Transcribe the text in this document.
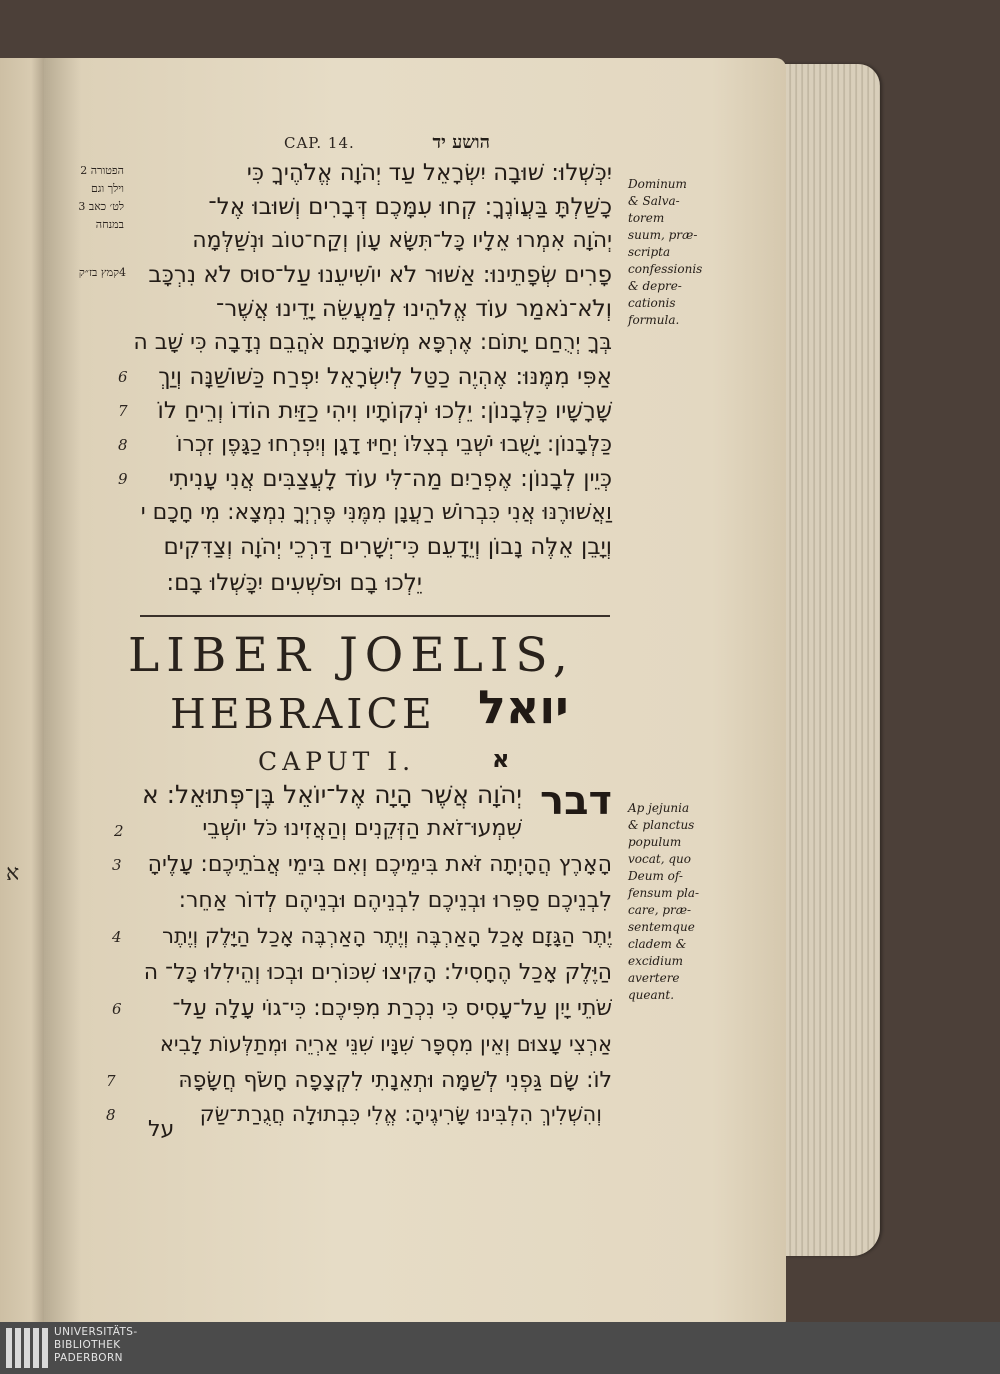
א
CAP. 14.	הושע יד
הפטורה 2
וילך וגם
לט׳ כאב 3
במנחה
4קמץ בז״ק
יִכְּשְׁלוּ: שׁוּבָה יִשְׂרָאֵל עַד יְהֹוָה אֱלֹהֶיךָ כִּי
כָשַׁלְתָּ בַּעֲוֺנֶךָ: קְחוּ עִמָּכֶם דְּבָרִים וְשׁוּבוּ אֶל־
יְהֹוָה אִמְרוּ אֵלָיו כָּל־תִּשָּׂא עָוֺן וְקַח־טוֹב וּנְשַׁלְּמָה
פָרִים שְׂפָתֵינוּ: אַשּׁוּר לֹא יוֹשִׁיעֵנוּ עַל־סוּס לֹא נִרְכָּב
וְלֹא־נֹאמַר עוֹד אֱלֹהֵינוּ לְמַעֲשֵׂה יָדֵינוּ אֲשֶׁר־
בְּךָ יְרֻחַם יָתוֹם: אֶרְפָּא מְשׁוּבָתָם אֹהֲבֵם נְדָבָה כִּי שָׁב ה
אַפִּי מִמֶּנּוּ: אֶהְיֶה כַטַּל לְיִשְׂרָאֵל יִפְרַח כַּשּׁוֹשַׁנָּה וְיַךְ
שָׁרָשָׁיו כַּלְּבָנוֹן: יֵלְכוּ יֹנְקוֹתָיו וִיהִי כַזַּיִת הוֹדוֹ וְרֵיחַ לוֹ
כַּלְּבָנוֹן: יָשֻׁבוּ יֹשְׁבֵי בְצִלּוֹ יְחַיּוּ דָגָן וְיִפְרְחוּ כַגָּפֶן זִכְרוֹ
כְּיֵין לְבָנוֹן: אֶפְרַיִם מַה־לִּי עוֹד לָעֲצַבִּים אֲנִי עָנִיתִי
וַאֲשׁוּרֶנּוּ אֲנִי כִּבְרוֹשׁ רַעֲנָן מִמֶּנִּי פֶּרְיְךָ נִמְצָא: מִי חָכָם י
וְיָבֵן אֵלֶּה נָבוֹן וְיֵדָעֵם כִּי־יְשָׁרִים דַּרְכֵי יְהֹוָה וְצַדִּקִים
יֵלְכוּ בָם וּפֹשְׁעִים יִכָּשְׁלוּ בָם:
6
7
8
9
Dominum
& Salva-
torem
suum, præ-
scripta
confessionis
& depre-
cationis
formula.
LIBER JOELIS,
HEBRAICE יואל
CAPUT I.	א
דבר
יְהֹוָה אֲשֶׁר הָיָה אֶל־יוֹאֵל בֶּן־פְּתוּאֵל: א
שִׁמְעוּ־זֹאת הַזְּקֵנִים וְהַאֲזִינוּ כֹּל יוֹשְׁבֵי
הָאָרֶץ הֲהָיְתָה זֹּאת בִּימֵיכֶם וְאִם בִּימֵי אֲבֹתֵיכֶם: עָלֶיהָ
לִבְנֵיכֶם סַפֵּרוּ וּבְנֵיכֶם לִבְנֵיהֶם וּבְנֵיהֶם לְדוֹר אַחֵר:
יֶתֶר הַגָּזָם אָכַל הָאַרְבֶּה וְיֶתֶר הָאַרְבֶּה אָכַל הַיָּלֶק וְיֶתֶר
הַיֶּלֶק אָכַל הֶחָסִיל: הָקִיצוּ שִׁכּוֹרִים וּבְכוּ וְהֵילִלוּ כָּל־ ה
שֹׁתֵי יָיִן עַל־עָסִיס כִּי נִכְרַת מִפִּיכֶם: כִּי־גוֹי עָלָה עַל־
אַרְצִי עָצוּם וְאֵין מִסְפָּר שִׁנָּיו שִׁנֵּי אַרְיֵה וּמְתַלְּעוֹת לָבִיא
לוֹ: שָׂם גַּפְנִי לְשַׁמָּה וּתְאֵנָתִי לִקְצָפָה חָשֹׂף חֲשָׂפָהּ
וְהִשְׁלִיךְ הִלְבִּינוּ שָׂרִיגֶיהָ: אֱלִי כִּבְתוּלָה חֲגֻרַת־שַׂק
2
3
4
6
7
8
על
Ap jejunia
& planctus
populum
vocat, quo
Deum of-
fensum pla-
care, præ-
sentemque
cladem &
excidium
avertere
queant.
UNIVERSITÄTS-
BIBLIOTHEK
PADERBORN
